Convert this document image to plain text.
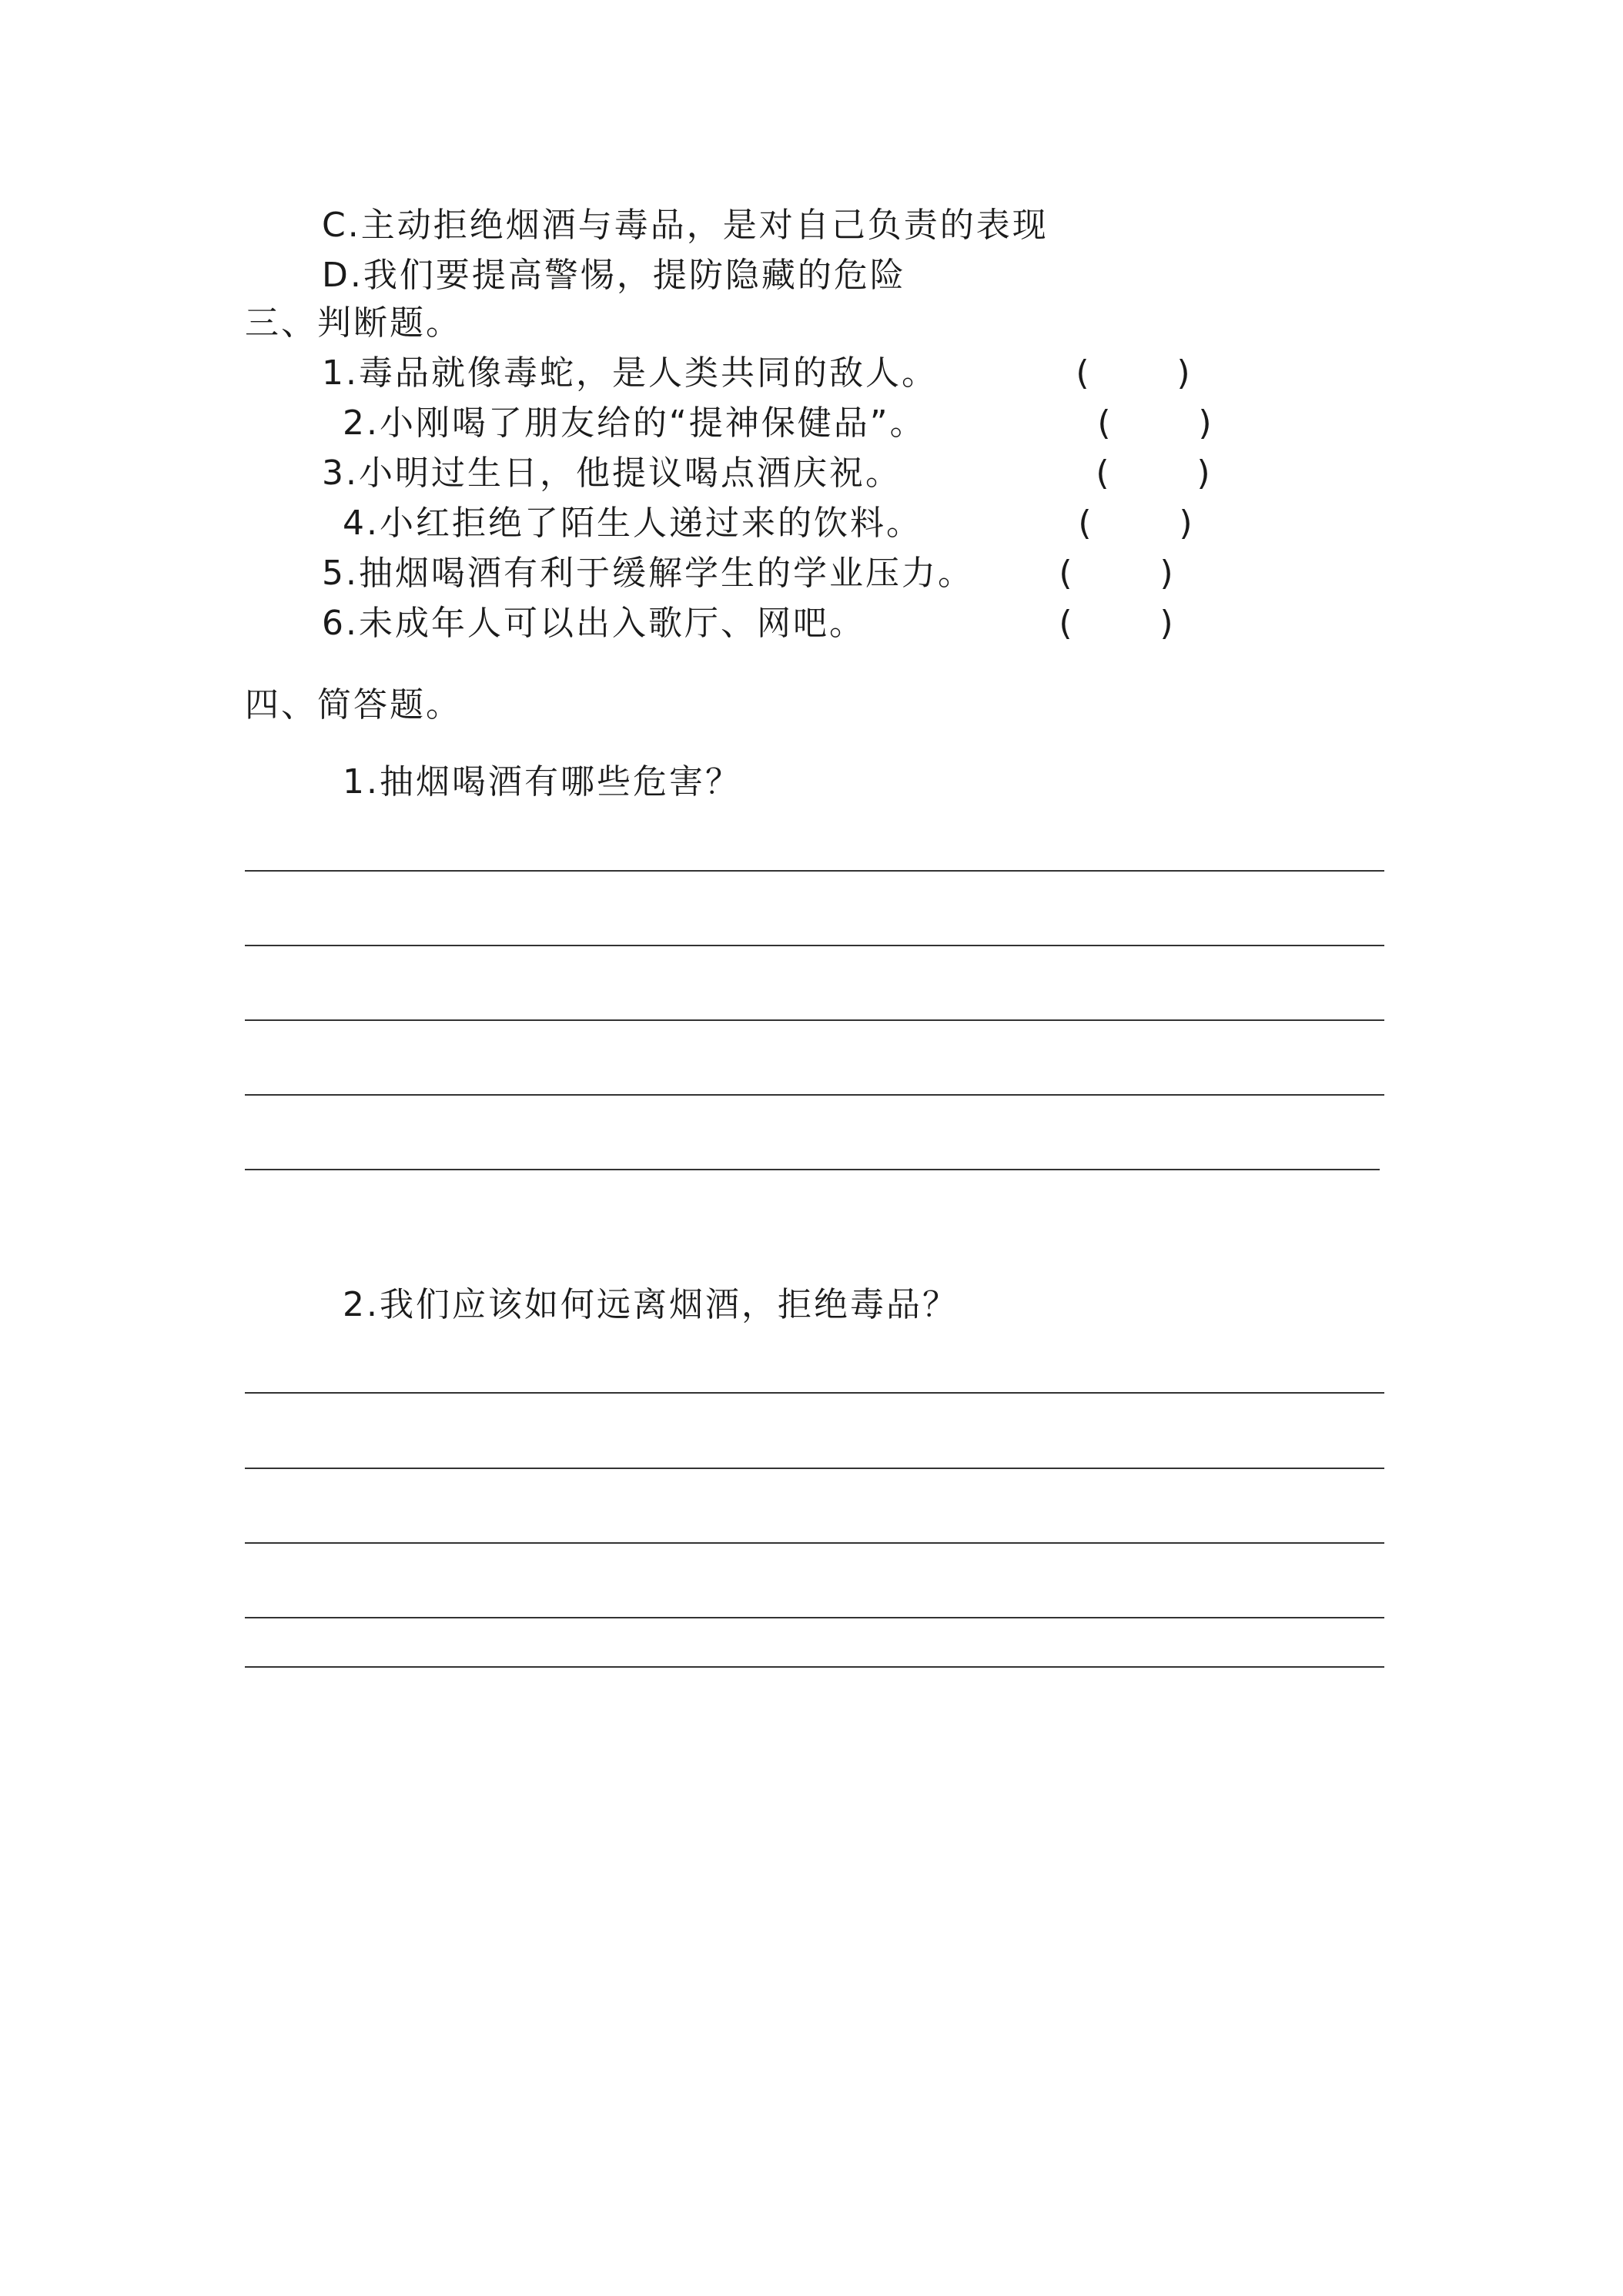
C.主动拒绝烟酒与毒品，是对自己负责的表现
D.我们要提高警惕，提防隐藏的危险
三、判断题。
1.毒品就像毒蛇，是人类共同的敌人。	(    )
2.小刚喝了朋友给的“提神保健品”。	(    )
3.小明过生日，他提议喝点酒庆祝。	(    )
4.小红拒绝了陌生人递过来的饮料。	(    )
5.抽烟喝酒有利于缓解学生的学业压力。 (    )
6.未成年人可以出入歌厅、网吧。	(    )
四、简答题。
1.抽烟喝酒有哪些危害？
2.我们应该如何远离烟酒，拒绝毒品？
